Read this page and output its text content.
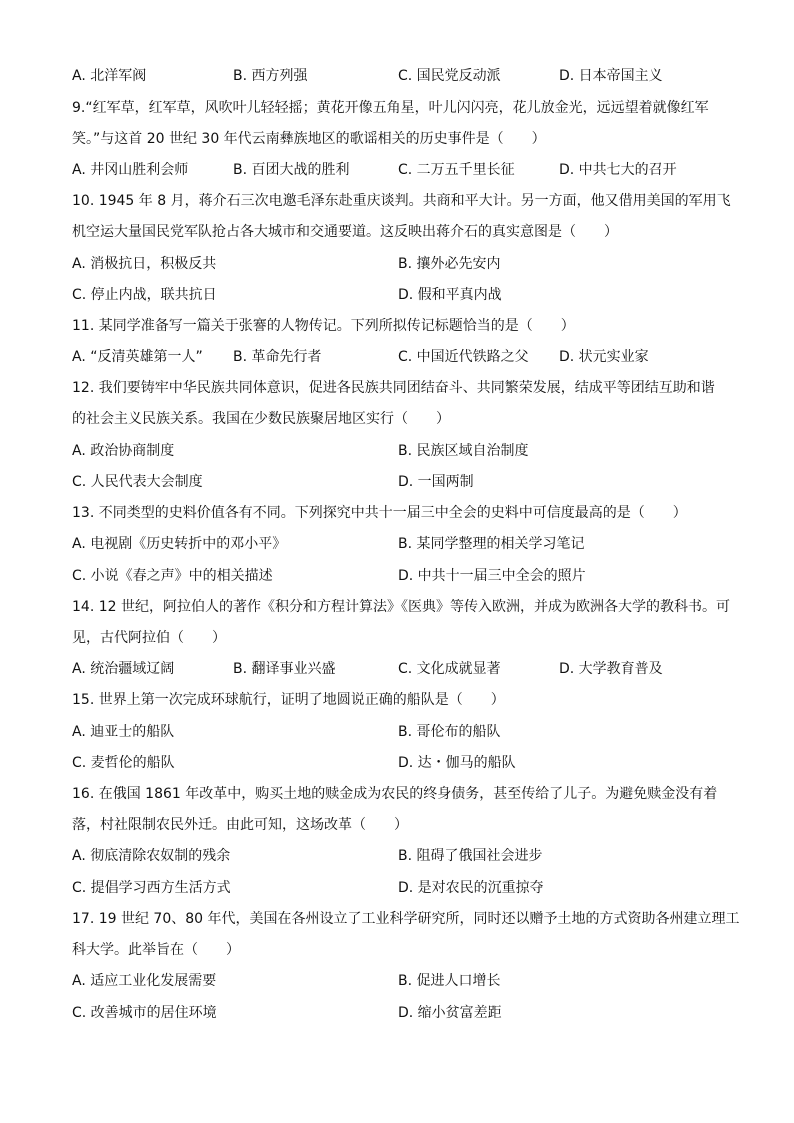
A. 北洋军阀	B. 西方列强	C. 国民党反动派	D. 日本帝国主义
9.“红军草，红军草，风吹叶儿轻轻摇；黄花开像五角星，叶儿闪闪亮，花儿放金光，远远望着就像红军
笑。”与这首 20 世纪 30 年代云南彝族地区的歌谣相关的历史事件是（　　）
A. 井冈山胜利会师	B. 百团大战的胜利	C. 二万五千里长征	D. 中共七大的召开
10. 1945 年 8 月，蒋介石三次电邀毛泽东赴重庆谈判。共商和平大计。另一方面，他又借用美国的军用飞
机空运大量国民党军队抢占各大城市和交通要道。这反映出蒋介石的真实意图是（　　）
A. 消极抗日，积极反共	B. 攘外必先安内
C. 停止内战，联共抗日	D. 假和平真内战
11. 某同学准备写一篇关于张謇的人物传记。下列所拟传记标题恰当的是（　　）
A. “反清英雄第一人” B. 革命先行者	C. 中国近代铁路之父 D. 状元实业家
12. 我们要铸牢中华民族共同体意识，促进各民族共同团结奋斗、共同繁荣发展，结成平等团结互助和谐
的社会主义民族关系。我国在少数民族聚居地区实行（　　）
A. 政治协商制度	B. 民族区域自治制度
C. 人民代表大会制度	D. 一国两制
13. 不同类型的史料价值各有不同。下列探究中共十一届三中全会的史料中可信度最高的是（　　）
A. 电视剧《历史转折中的邓小平》	B. 某同学整理的相关学习笔记
C. 小说《春之声》中的相关描述	D. 中共十一届三中全会的照片
14. 12 世纪，阿拉伯人的著作《积分和方程计算法》《医典》等传入欧洲，并成为欧洲各大学的教科书。可
见，古代阿拉伯（　　）
A. 统治疆域辽阔	B. 翻译事业兴盛	C. 文化成就显著	D. 大学教育普及
15. 世界上第一次完成环球航行，证明了地圆说正确的船队是（　　）
A. 迪亚士的船队	B. 哥伦布的船队
C. 麦哲伦的船队	D. 达・伽马的船队
16. 在俄国 1861 年改革中，购买土地的赎金成为农民的终身债务，甚至传给了儿子。为避免赎金没有着
落，村社限制农民外迁。由此可知，这场改革（　　）
A. 彻底清除农奴制的残余	B. 阻碍了俄国社会进步
C. 提倡学习西方生活方式	D. 是对农民的沉重掠夺
17. 19 世纪 70、80 年代，美国在各州设立了工业科学研究所，同时还以赠予土地的方式资助各州建立理工
科大学。此举旨在（　　）
A. 适应工业化发展需要	B. 促进人口增长
C. 改善城市的居住环境	D. 缩小贫富差距
